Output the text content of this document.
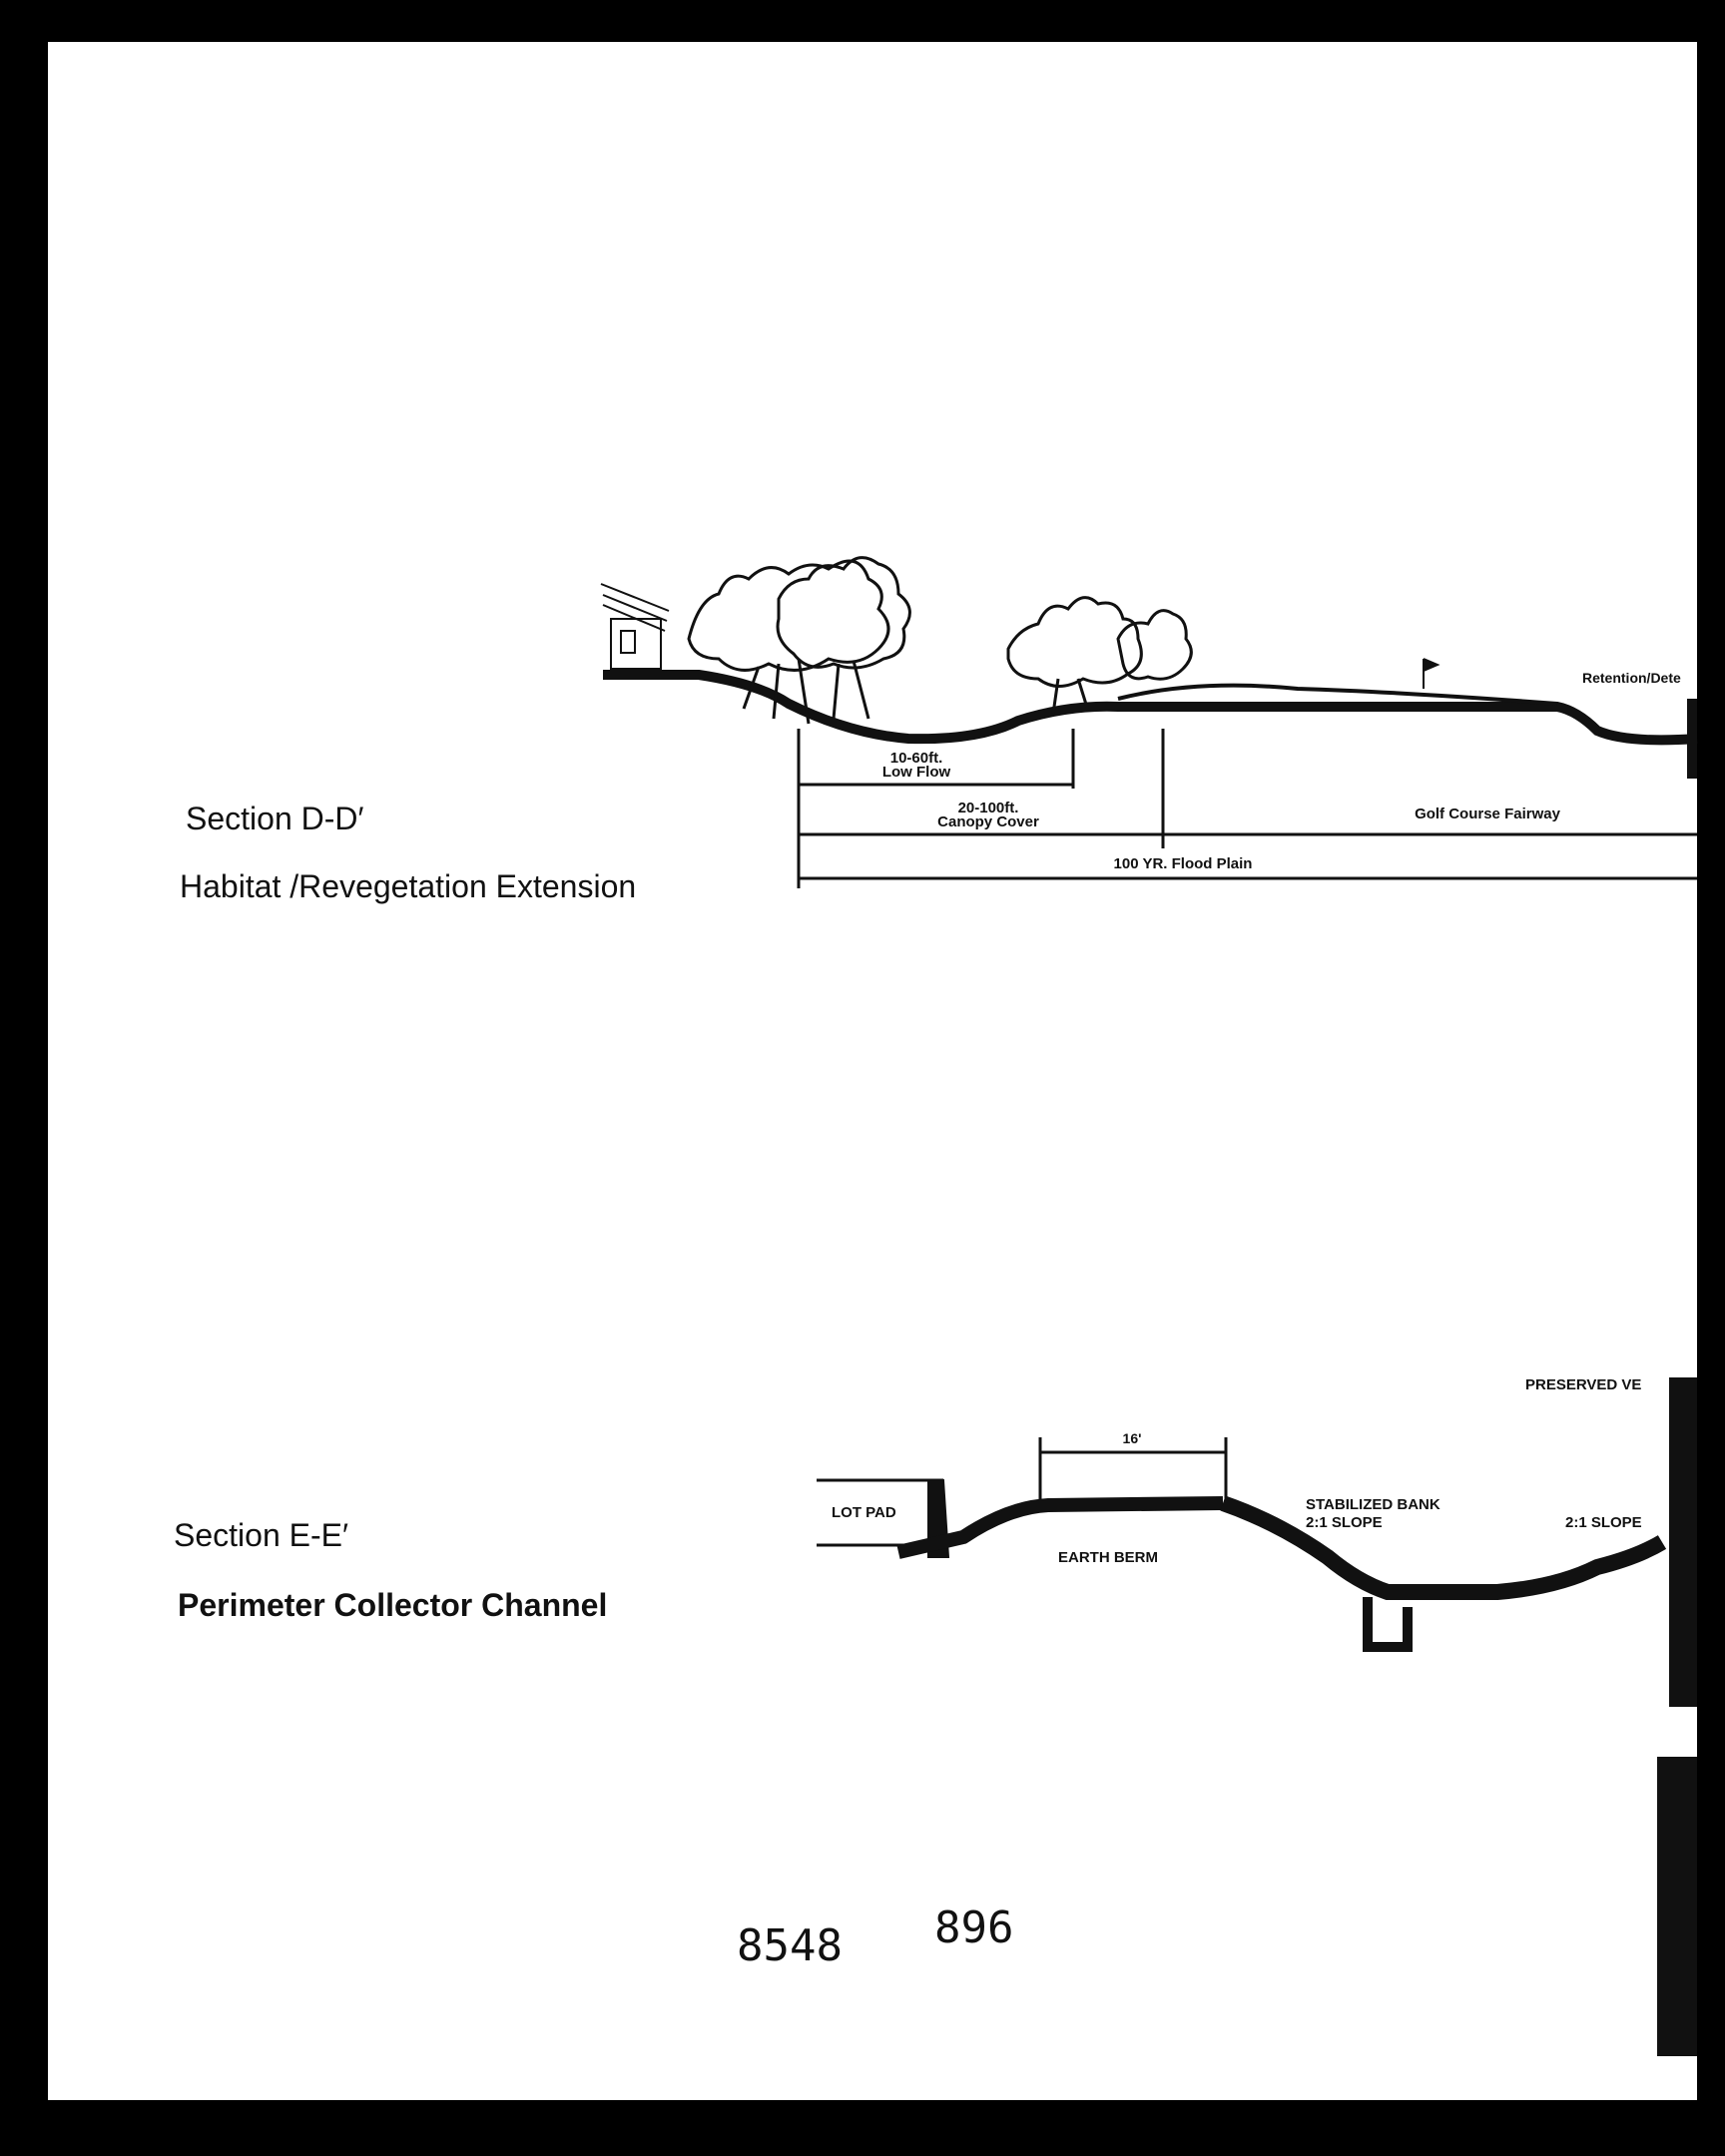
Section D-D′
Habitat /Revegetation Extension
Section E-E′
Perimeter Collector Channel
10-60ft.
Low Flow
20-100ft.
Canopy Cover	Golf Course Fairway
100 YR. Flood Plain
Retention/Dete
16'
LOT PAD
EARTH BERM
STABILIZED BANK
2:1 SLOPE
PRESERVED VE
2:1 SLOPE
8548 896
